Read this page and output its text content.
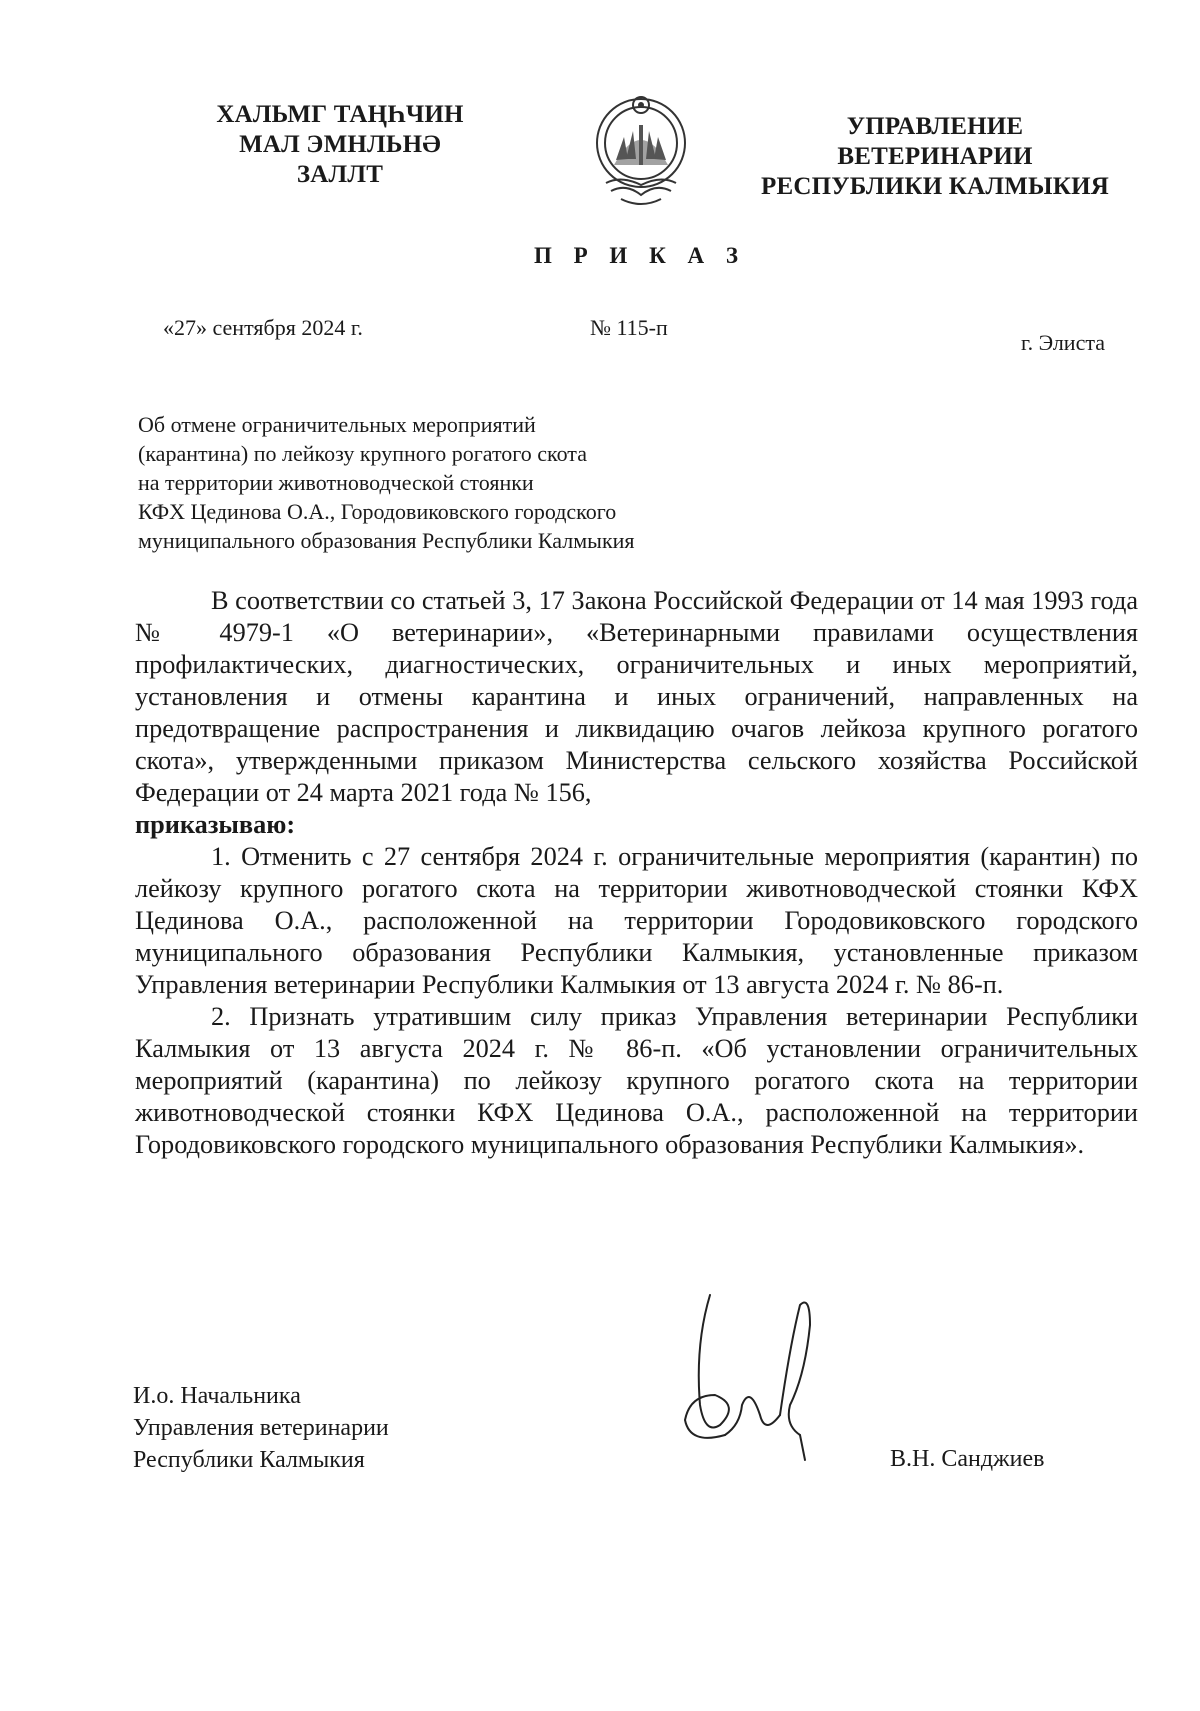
ХАЛЬМГ ТАҢҺЧИН
МАЛ ЭМНЛЬНӘ
ЗАЛЛТ
УПРАВЛЕНИЕ
ВЕТЕРИНАРИИ
РЕСПУБЛИКИ КАЛМЫКИЯ
П Р И К А З
«27» сентября 2024 г.	№ 115-п
г. Элиста
Об отмене ограничительных мероприятий
(карантина) по лейкозу крупного рогатого скота
на территории животноводческой стоянки
КФХ Цединова О.А., Городовиковского городского
муниципального образования Республики Калмыкия

В соответствии со статьей 3, 17 Закона Российской Федерации от 14 мая 1993 года № 4979-1 «О ветеринарии», «Ветеринарными правилами осуществления профилактических, диагностических, ограничительных и иных мероприятий, установления и отмены карантина и иных ограничений, направленных на предотвращение распространения и ликвидацию очагов лейкоза крупного рогатого скота», утвержденными приказом Министерства сельского хозяйства Российской Федерации от 24 марта 2021 года № 156,

приказываю:

1. Отменить с 27 сентября 2024 г. ограничительные мероприятия (карантин) по лейкозу крупного рогатого скота на территории животноводческой стоянки КФХ Цединова О.А., расположенной на территории Городовиковского городского муниципального образования Республики Калмыкия, установленные приказом Управления ветеринарии Республики Калмыкия от 13 августа 2024 г. № 86-п.

2. Признать утратившим силу приказ Управления ветеринарии Республики Калмыкия от 13 августа 2024 г. № 86-п. «Об установлении ограничительных мероприятий (карантина) по лейкозу крупного рогатого скота на территории животноводческой стоянки КФХ Цединова О.А., расположенной на территории Городовиковского городского муниципального образования Республики Калмыкия».

И.о. Начальника
Управления ветеринарии
Республики Калмыкия	В.Н. Санджиев
